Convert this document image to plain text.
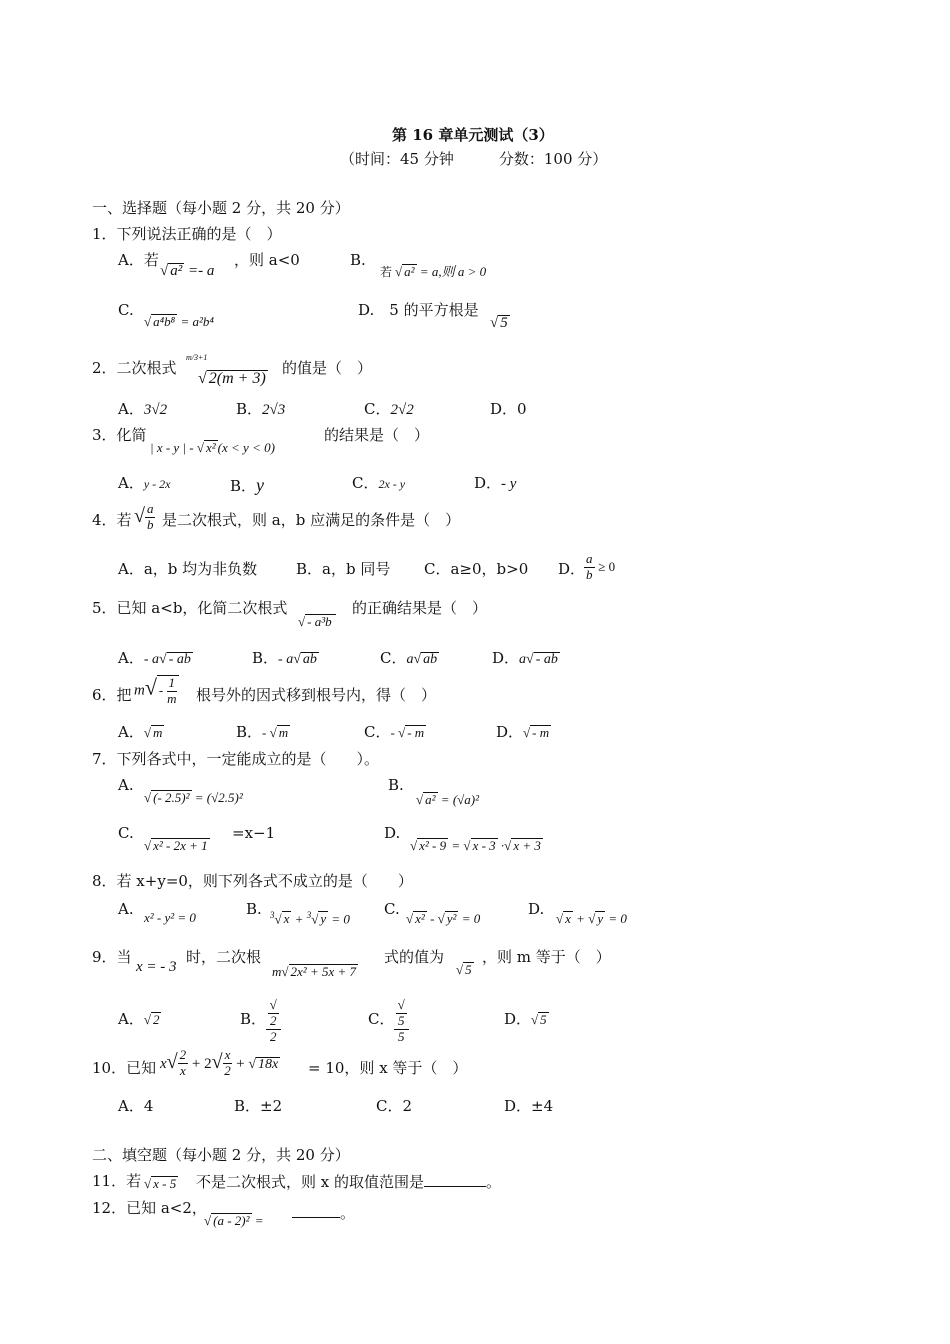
第 16 章单元测试（3）
（时间：45 分钟　　　分数：100 分）
一、选择题（每小题 2 分，共 20 分）
1．下列说法正确的是（　）
A．若
√ a² =- a
，则 a<0	B.
若 √ a² = a,则 a > 0
C.
√ a⁴b⁸ = a²b⁴
D.　5 的平方根是
√ 5
2．二次根式
m/3+1
√ 2(m + 3)
的值是（　）
A．3√2	B．2√3	C．2√2	D．0
3．化简
| x - y | - √ x² (x < y < 0)
的结果是（　）
A．y - 2x	B．y	C．2x - y	D．- y
4．若 √ $\frac{a}{b}$ 是二次根式，则 a，b 应满足的条件是（　）
A．a，b 均为非负数	B．a，b 同号 C．a≥0，b>0 D．
$\frac{a}{b} \ge 0$
5．已知 a<b，化简二次根式
√ - a³b
的正确结果是（　）
A．- a√ - ab	B．- a√ ab	C．a√ ab	D．a√ - ab
6．把 $m√ - \frac{1}{m}$ 根号外的因式移到根号内，得（　）
A．√ m	B．- √ m	C．- √ - m	D．√ - m
7．下列各式中，一定能成立的是（　　）。
A.
√ (- 2.5)² = (√2.5)²
B.
√ a² = (√a)²
C.
√ x² - 2x + 1
=x−1	D.
√ x² - 9 = √ x - 3 ·√ x + 3
8．若 x+y=0，则下列各式不成立的是（　　）
A. x² - y² = 0	B. $^3$√ x + $^3$√ y = 0
C.
√ x² - √ y² = 0
D.
√ x + √ y = 0
9．当
x = - 3
时，二次根
m√ 2x² + 5x + 7
式的值为
√ 5
，则 m 等于（　）
A．√ 2	B． √
2
2	C． √
5
5	D．√ 5
10．已知 $x√ \frac{2}{x} + 2√ \frac{x}{2}$ + √ 18x = 10，则 x 等于（　）
A．4	B．±2	C．2	D．±4
二、填空题（每小题 2 分，共 20 分）
11．若 √ x - 5 不是二次根式，则 x 的取值范围是	。
12．已知 a<2，
√ (a - 2)² =	。
